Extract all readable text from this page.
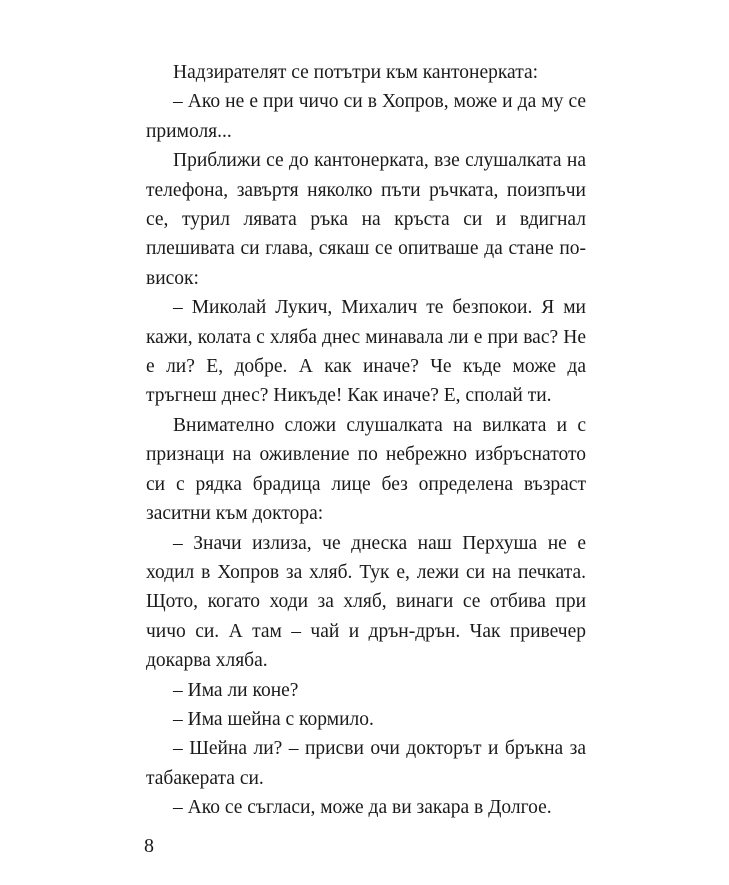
Надзирателят се потътри към кантонерката:

– Ако не е при чичо си в Хопров, може и да му се примоля...

Приближи се до кантонерката, взе слушалката на телефона, завъртя няколко пъти ръчката, поизпъчи се, турил лявата ръка на кръста си и вдигнал плешивата си глава, сякаш се опитваше да стане по-висок:

– Миколай Лукич, Михалич те безпокои. Я ми кажи, колата с хляба днес минавала ли е при вас? Не е ли? Е, добре. А как иначе? Че къде може да тръгнеш днес? Никъде! Как иначе? Е, сполай ти.

Внимателно сложи слушалката на вилката и с признаци на оживление по небрежно избръснатото си с рядка брадица лице без определена възраст заситни към доктора:

– Значи излиза, че днеска наш Перхуша не е ходил в Хопров за хляб. Тук е, лежи си на печката. Щото, когато ходи за хляб, винаги се отбива при чичо си. А там – чай и дрън-дрън. Чак привечер докарва хляба.

– Има ли коне?

– Има шейна с кормило.

– Шейна ли? – присви очи докторът и бръкна за табакерата си.

– Ако се съгласи, може да ви закара в Долгое.

8
